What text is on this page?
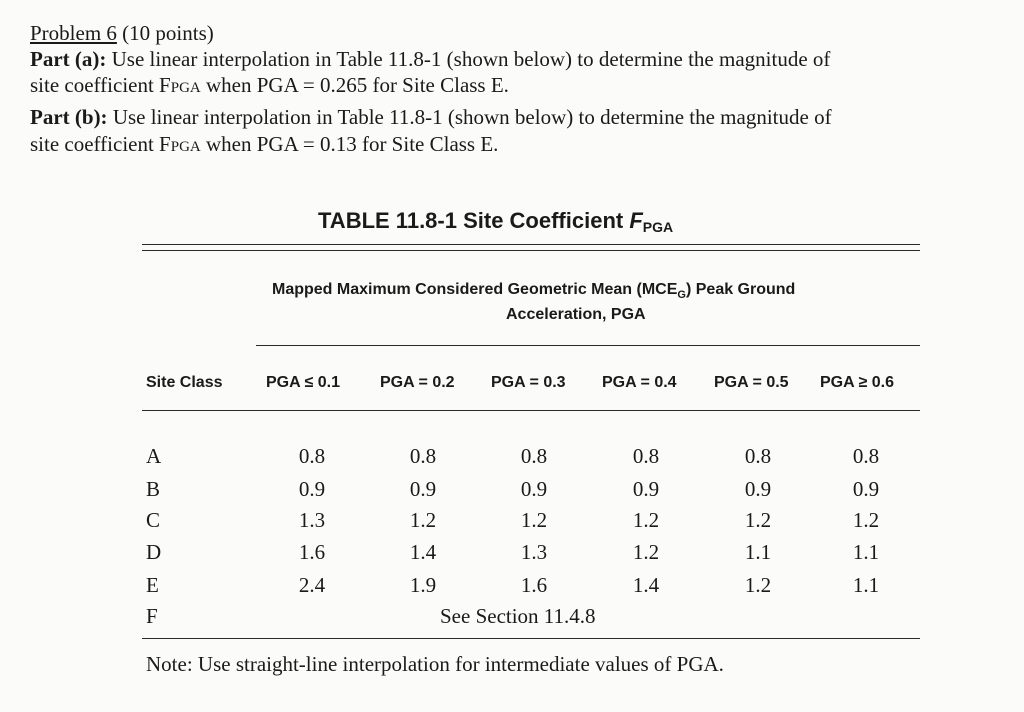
Problem 6 (10 points)
Part (a): Use linear interpolation in Table 11.8-1 (shown below) to determine the magnitude of
site coefficient FPGA when PGA = 0.265 for Site Class E.
Part (b): Use linear interpolation in Table 11.8-1 (shown below) to determine the magnitude of
site coefficient FPGA when PGA = 0.13 for Site Class E.
TABLE 11.8-1 Site Coefficient $F_{PGA}$
Mapped Maximum Considered Geometric Mean $(MCE_G)$ Peak Ground
Acceleration, PGA
Site Class	PGA ≤ 0.1	PGA = 0.2 PGA = 0.3 PGA = 0.4 PGA = 0.5 PGA ≥ 0.6
A	0.8	0.8	0.8	0.8	0.8	0.8
B	0.9	0.9	0.9	0.9	0.9	0.9
C	1.3	1.2	1.2	1.2	1.2	1.2
D	1.6	1.4	1.3	1.2	1.1	1.1
E	2.4	1.9	1.6	1.4	1.2	1.1
F	See Section 11.4.8
Note: Use straight-line interpolation for intermediate values of PGA.
